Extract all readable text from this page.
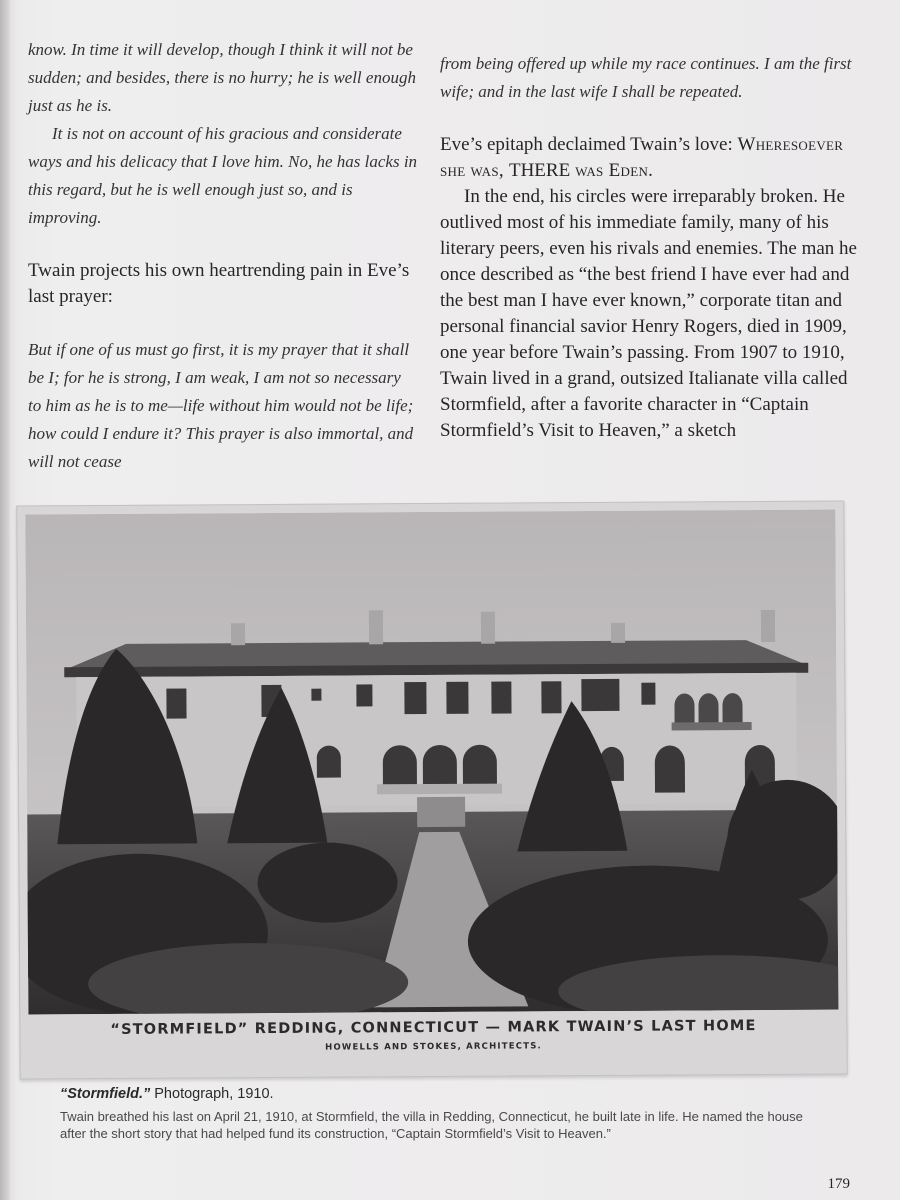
know. In time it will develop, though I think it will not be sudden; and besides, there is no hurry; he is well enough just as he is.

It is not on account of his gracious and considerate ways and his delicacy that I love him. No, he has lacks in this regard, but he is well enough just so, and is improving.

Twain projects his own heartrending pain in Eve’s last prayer:

But if one of us must go first, it is my prayer that it shall be I; for he is strong, I am weak, I am not so necessary to him as he is to me—life without him would not be life; how could I endure it? This prayer is also immortal, and will not cease

from being offered up while my race continues. I am the first wife; and in the last wife I shall be repeated.

Eve’s epitaph declaimed Twain’s love: Wheresoever she was, THERE was Eden.

In the end, his circles were irreparably broken. He outlived most of his immediate family, many of his literary peers, even his rivals and enemies. The man he once described as “the best friend I have ever had and the best man I have ever known,” corporate titan and personal financial savior Henry Rogers, died in 1909, one year before Twain’s passing. From 1907 to 1910, Twain lived in a grand, outsized Italianate villa called Stormfield, after a favorite character in “Captain Stormfield’s Visit to Heaven,” a sketch

“STORMFIELD” REDDING, CONNECTICUT — MARK TWAIN’S LAST HOME
HOWELLS AND STOKES, ARCHITECTS.

“Stormfield.” Photograph, 1910.

Twain breathed his last on April 21, 1910, at Stormfield, the villa in Redding, Connecticut, he built late in life. He named the house after the short story that had helped fund its construction, “Captain Stormfield’s Visit to Heaven.”

179
